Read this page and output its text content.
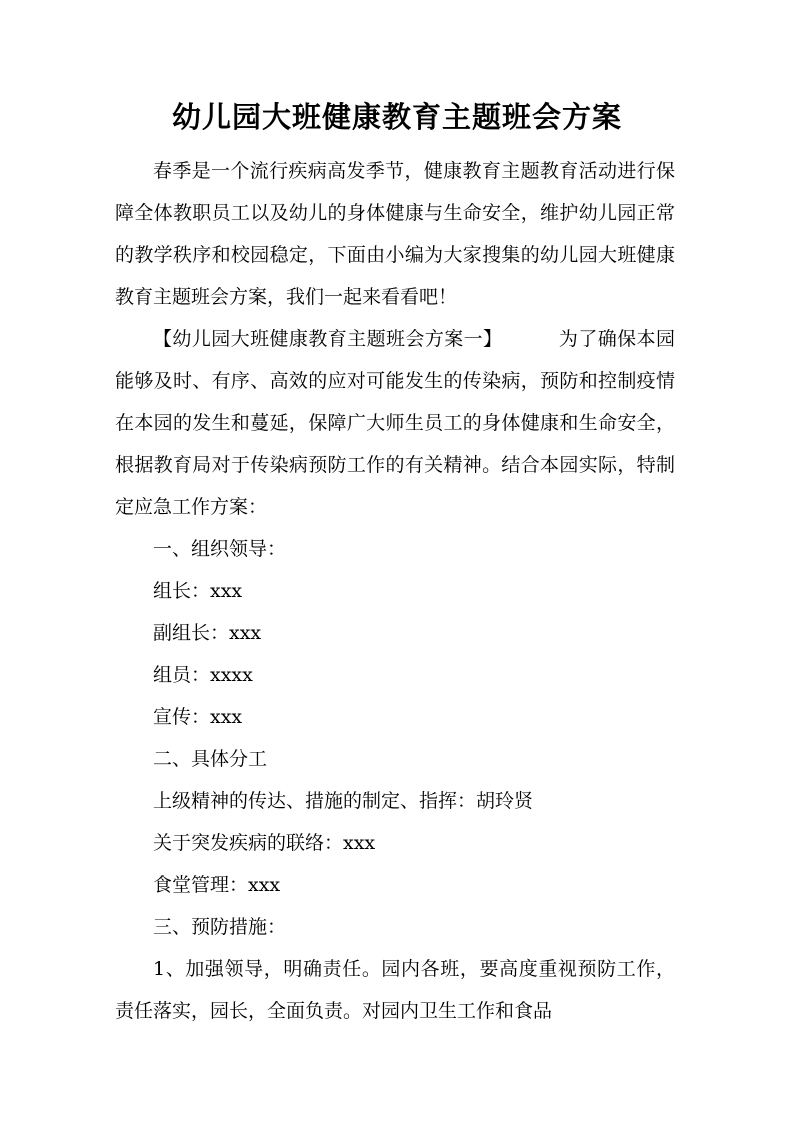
幼儿园大班健康教育主题班会方案

春季是一个流行疾病高发季节，健康教育主题教育活动进行保障全体教职员工以及幼儿的身体健康与生命安全，维护幼儿园正常的教学秩序和校园稳定，下面由小编为大家搜集的幼儿园大班健康教育主题班会方案，我们一起来看看吧！

【幼儿园大班健康教育主题班会方案一】	为了确保本园能够及时、有序、高效的应对可能发生的传染病，预防和控制疫情在本园的发生和蔓延，保障广大师生员工的身体健康和生命安全，根据教育局对于传染病预防工作的有关精神。结合本园实际，特制定应急工作方案：

一、组织领导：

组长：xxx

副组长：xxx

组员：xxxx

宣传：xxx

二、具体分工

上级精神的传达、措施的制定、指挥：胡玲贤

关于突发疾病的联络：xxx

食堂管理：xxx

三、预防措施：

1、加强领导，明确责任。园内各班，要高度重视预防工作，责任落实，园长，全面负责。对园内卫生工作和食品
